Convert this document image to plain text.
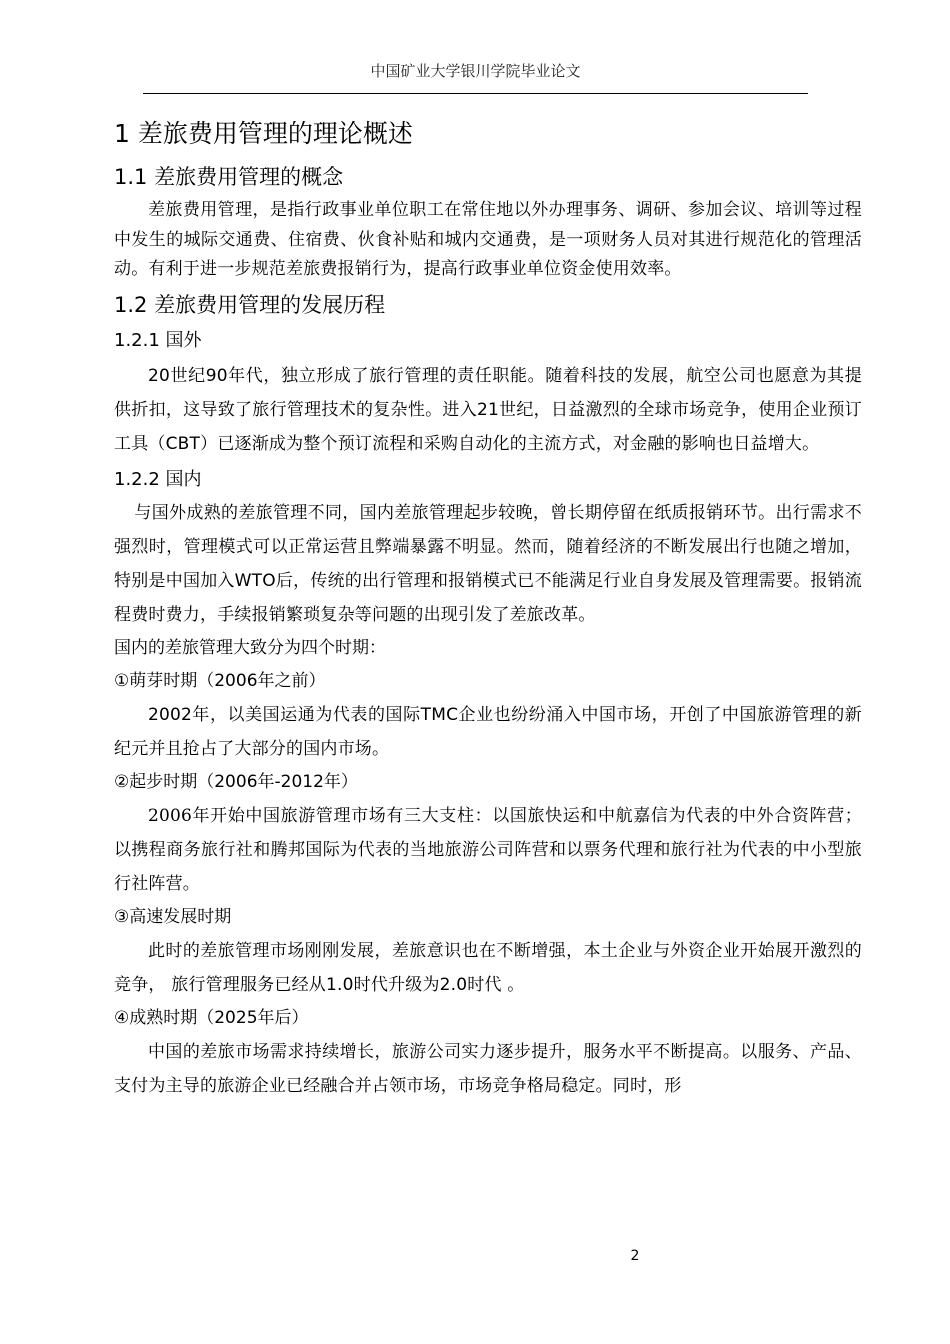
中国矿业大学银川学院毕业论文
1 差旅费用管理的理论概述
1.1 差旅费用管理的概念

差旅费用管理，是指行政事业单位职工在常住地以外办理事务、调研、参加会议、培训等过程中发生的城际交通费、住宿费、伙食补贴和城内交通费，是一项财务人员对其进行规范化的管理活动。有利于进一步规范差旅费报销行为，提高行政事业单位资金使用效率。

1.2 差旅费用管理的发展历程
1.2.1 国外

20世纪90年代，独立形成了旅行管理的责任职能。随着科技的发展，航空公司也愿意为其提供折扣，这导致了旅行管理技术的复杂性。进入21世纪，日益激烈的全球市场竞争，使用企业预订工具（CBT）已逐渐成为整个预订流程和采购自动化的主流方式，对金融的影响也日益增大。

1.2.2 国内

与国外成熟的差旅管理不同，国内差旅管理起步较晚，曾长期停留在纸质报销环节。出行需求不强烈时，管理模式可以正常运营且弊端暴露不明显。然而，随着经济的不断发展出行也随之增加，特别是中国加入WTO后，传统的出行管理和报销模式已不能满足行业自身发展及管理需要。报销流程费时费力，手续报销繁琐复杂等问题的出现引发了差旅改革。

国内的差旅管理大致分为四个时期：

①萌芽时期（2006年之前）

2002年，以美国运通为代表的国际TMC企业也纷纷涌入中国市场，开创了中国旅游管理的新纪元并且抢占了大部分的国内市场。

②起步时期（2006年-2012年）

2006年开始中国旅游管理市场有三大支柱：以国旅快运和中航嘉信为代表的中外合资阵营；以携程商务旅行社和腾邦国际为代表的当地旅游公司阵营和以票务代理和旅行社为代表的中小型旅行社阵营。

③高速发展时期

此时的差旅管理市场刚刚发展，差旅意识也在不断增强，本土企业与外资企业开始展开激烈的竞争， 旅行管理服务已经从1.0时代升级为2.0时代 。

④成熟时期（2025年后）

中国的差旅市场需求持续增长，旅游公司实力逐步提升，服务水平不断提高。以服务、产品、支付为主导的旅游企业已经融合并占领市场，市场竞争格局稳定。同时，形

2
